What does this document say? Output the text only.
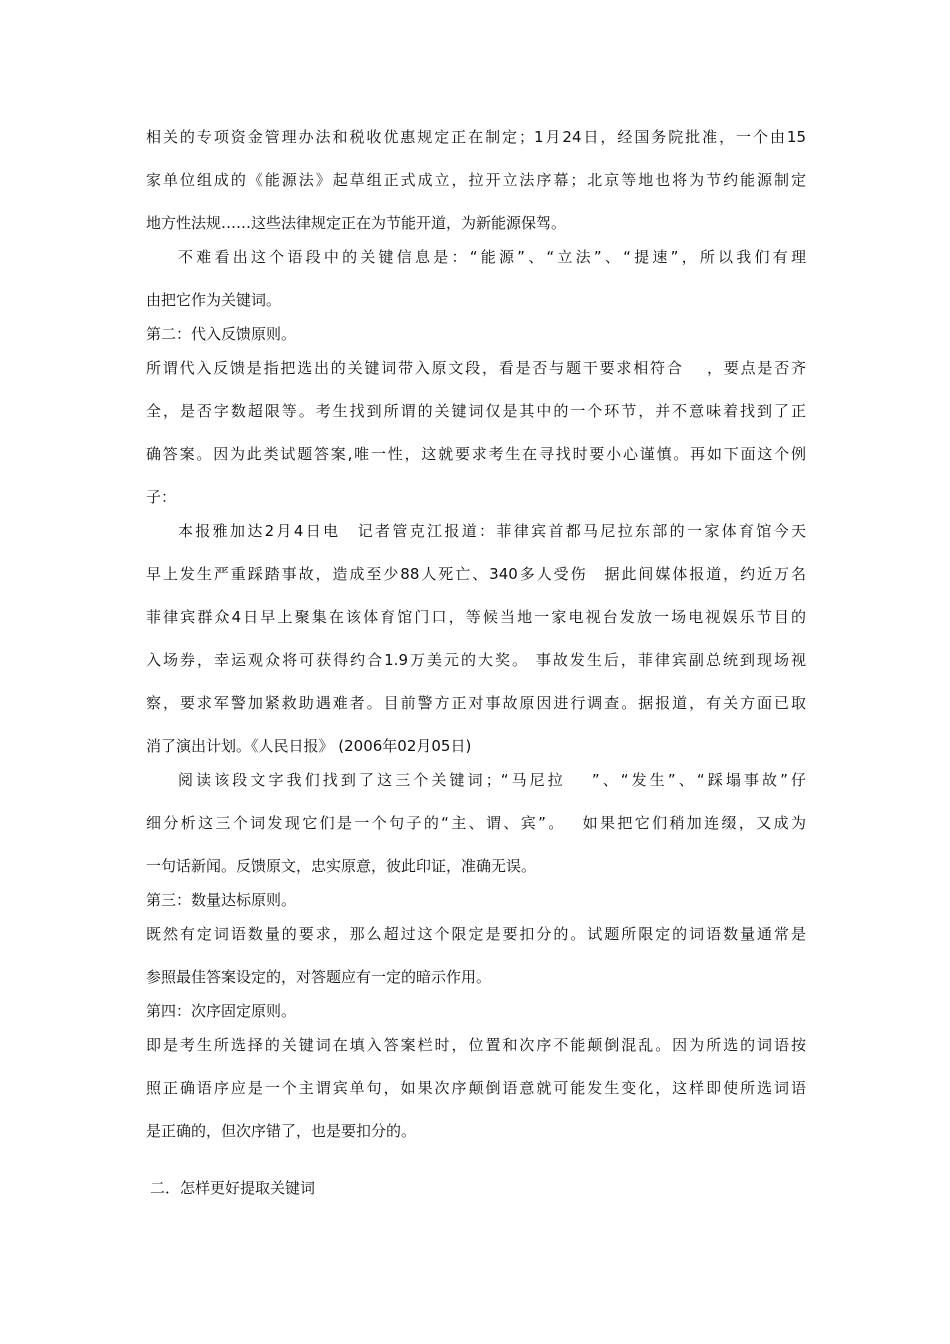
相关的专项资金管理办法和税收优惠规定正在制定；1月24日，经国务院批准，一个由15
家单位组成的《能源法》起草组正式成立，拉开立法序幕；北京等地也将为节约能源制定
地方性法规……这些法律规定正在为节能开道，为新能源保驾。
不难看出这个语段中的关键信息是：“能源”、“立法”、“提速”，所以我们有理
由把它作为关键词。
第二：代入反馈原则。
所谓代入反馈是指把选出的关键词带入原文段，看是否与题干要求相符合　 ，要点是否齐
全，是否字数超限等。考生找到所谓的关键词仅是其中的一个环节，并不意味着找到了正
确答案。因为此类试题答案,唯一性，这就要求考生在寻找时要小心谨慎。再如下面这个例
子：
本报雅加达2月4日电　记者管克江报道：菲律宾首都马尼拉东部的一家体育馆今天
早上发生严重踩踏事故，造成至少88人死亡、340多人受伤　据此间媒体报道，约近万名
菲律宾群众4日早上聚集在该体育馆门口，等候当地一家电视台发放一场电视娱乐节目的
入场券，幸运观众将可获得约合1.9万美元的大奖。 事故发生后，菲律宾副总统到现场视
察，要求军警加紧救助遇难者。目前警方正对事故原因进行调查。据报道，有关方面已取
消了演出计划。《人民日报》 (2006年02月05日)
阅读该段文字我们找到了这三个关键词；“马尼拉　 ”、“发生”、“踩塌事故”仔
细分析这三个词发现它们是一个句子的“主、谓、宾”。　 如果把它们稍加连缀，又成为
一句话新闻。反馈原文，忠实原意，彼此印证，准确无误。
第三：数量达标原则。
既然有定词语数量的要求，那么超过这个限定是要扣分的。试题所限定的词语数量通常是
参照最佳答案设定的，对答题应有一定的暗示作用。
第四：次序固定原则。
即是考生所选择的关键词在填入答案栏时，位置和次序不能颠倒混乱。因为所选的词语按
照正确语序应是一个主谓宾单句，如果次序颠倒语意就可能发生变化，这样即使所选词语
是正确的，但次序错了，也是要扣分的。
二．怎样更好提取关键词
